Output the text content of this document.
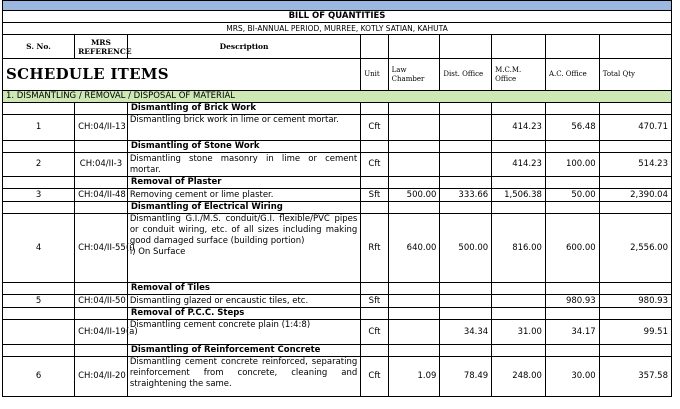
BILL OF QUANTITIES								
MRS, BI-ANNUAL PERIOD, MURREE, KOTLY SATIAN, KAHUTA								
S. No.	MRS REFERENCE	Description						
SCHEDULE ITEMS			Unit	Law Chamber	Dist. Office	M.C.M. Office	A.C. Office	Total Qty
1. DISMANTLING / REMOVAL / DISPOSAL OF MATERIAL								
		Dismantling of Brick Work						
1	CH:04/II-13	Dismantling brick work in lime or cement mortar.	Cft			414.23	56.48	470.71
		Dismantling of Stone Work						
2	CH:04/II-3	Dismantling stone masonry in lime or cement mortar.	Cft			414.23	100.00	514.23
		Removal of Plaster						
3	CH:04/II-48	Removing cement or lime plaster.	Sft	500.00	333.66	1,506.38	50.00	2,390.04
		Dismantling of Electrical Wiring						
4	CH:04/II-55(i)	Dismantling G.I./M.S. conduit/G.I. flexible/PVC pipes or conduit wiring, etc. of all sizes including making good damaged surface (building portion)
i) On Surface	Rft	640.00	500.00	816.00	600.00	2,556.00
		Removal of Tiles						
5	CH:04/II-50	Dismantling glazed or encaustic tiles, etc.	Sft				980.93	980.93
		Removal of P.C.C. Steps						
	CH:04/II-19(a)	Dismantling cement concrete plain (1:4:8)	Cft		34.34	31.00	34.17	99.51
		Dismantling of Reinforcement Concrete						
6	CH:04/II-20	Dismantling cement concrete reinforced, separating reinforcement from concrete, cleaning and straightening the same.	Cft	1.09	78.49	248.00	30.00	357.58
